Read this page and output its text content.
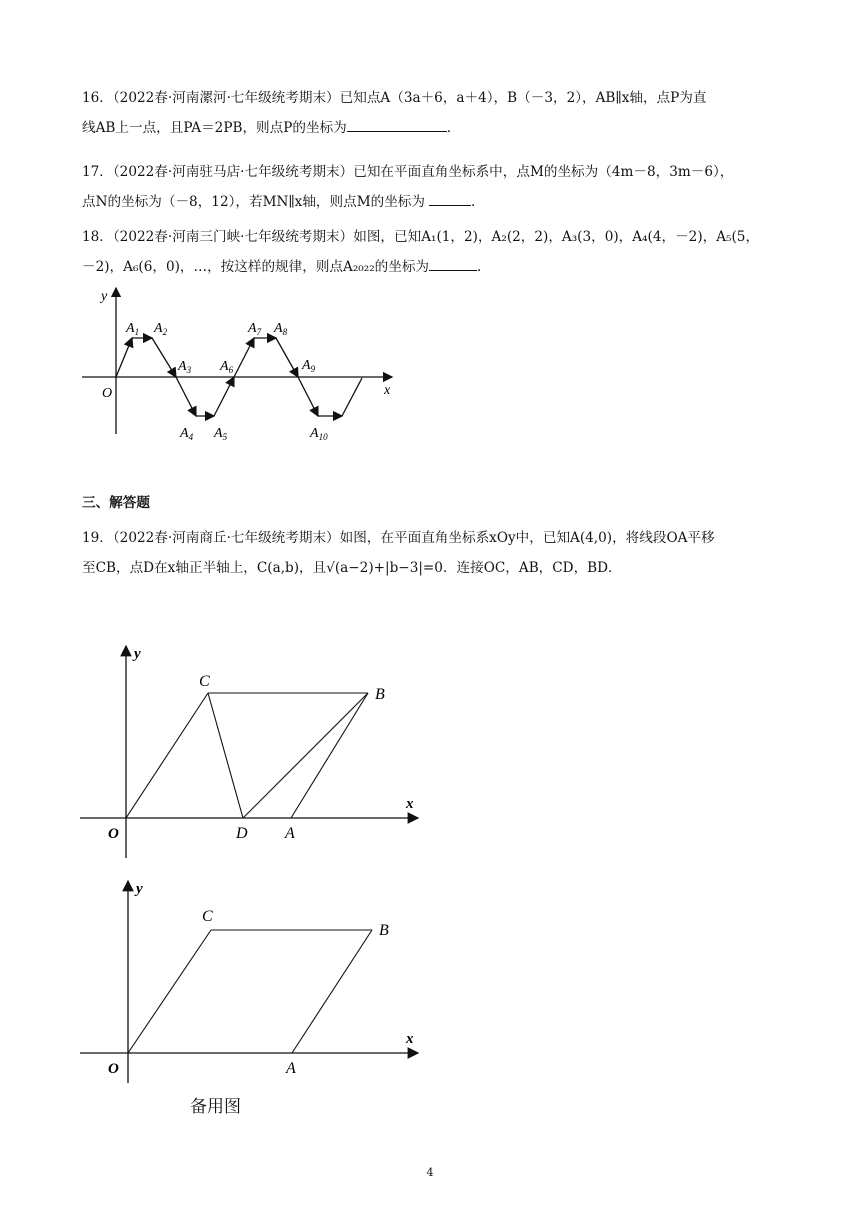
16．（2022春·河南漯河·七年级统考期末）已知点A（3a＋6，a＋4），B（－3，2），AB∥x轴，点P为直
线AB上一点，且PA＝2PB，则点P的坐标为	.
17．（2022春·河南驻马店·七年级统考期末）已知在平面直角坐标系中，点M的坐标为（4m－8，3m－6），
点N的坐标为（－8，12），若MN∥x轴，则点M的坐标为	.
18．（2022春·河南三门峡·七年级统考期末）如图，已知A₁(1，2)，A₂(2，2)，A₃(3，0)，A₄(4，－2)，A₅(5，
－2)，A₆(6，0)，…，按这样的规律，则点A₂₀₂₂的坐标为	.
y
x
O
$A_1$ $A_2$
$A_3$
$A_4$ $A_5$
$A_6$
$A_7$ $A_8$
$A_9$
$A_{10}$
三、解答题
19．（2022春·河南商丘·七年级统考期末）如图，在平面直角坐标系xOy中，已知A(4,0)，将线段OA平移
至CB，点D在x轴正半轴上，C(a,b)，且√(a−2)+|b−3|=0．连接OC，AB，CD，BD．
y
x
O
C
B
D A
y
x
O
C
B
A
备用图
4
